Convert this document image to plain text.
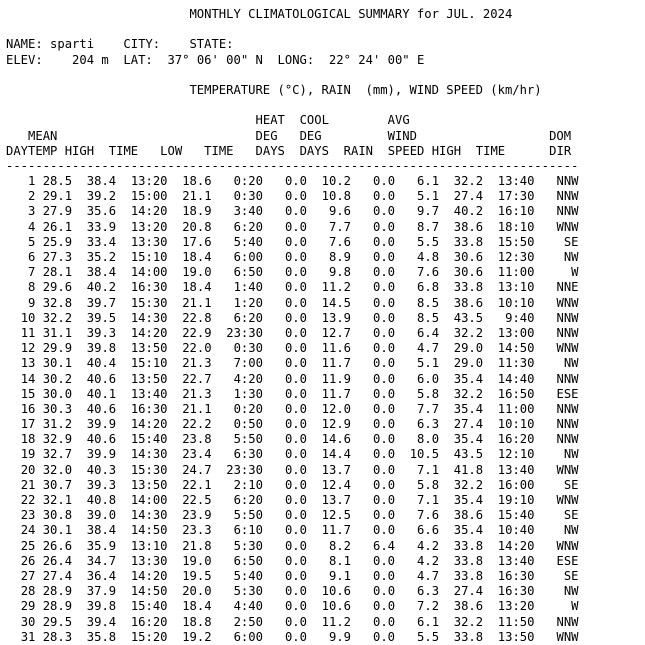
MONTHLY CLIMATOLOGICAL SUMMARY for JUL. 2024

NAME: sparti CITY: STATE:
ELEV: 204 m LAT: 37° 06' 00" N LONG: 22° 24' 00" E

TEMPERATURE (°C), RAIN  (mm), WIND SPEED (km/hr)

HEAT COOL	AVG
MEAN	DEG DEG	WIND	DOM
DAYTEMP HIGH TIME LOW TIME DAYS DAYS RAIN SPEED HIGH TIME	DIR
------------------------------------------------------------------------------
1 28.5 38.4 13:20 18.6 0:20 0.0 10.2 0.0 6.1 32.2 13:40 NNW
2 29.1 39.2 15:00 21.1 0:30 0.0 10.8 0.0 5.1 27.4 17:30 NNW
3 27.9 35.6 14:20 18.9 3:40 0.0 9.6 0.0 9.7 40.2 16:10 NNW
4 26.1 33.9 13:20 20.8 6:20 0.0 7.7 0.0 8.7 38.6 18:10 WNW
5 25.9 33.4 13:30 17.6 5:40 0.0 7.6 0.0 5.5 33.8 15:50 SE
6 27.3 35.2 15:10 18.4 6:00 0.0 8.9 0.0 4.8 30.6 12:30 NW
7 28.1 38.4 14:00 19.0 6:50 0.0 9.8 0.0 7.6 30.6 11:00	W
8 29.6 40.2 16:30 18.4 1:40 0.0 11.2 0.0 6.8 33.8 13:10 NNE
9 32.8 39.7 15:30 21.1 1:20 0.0 14.5 0.0 8.5 38.6 10:10 WNW
10 32.2 39.5 14:30 22.8 6:20 0.0 13.9 0.0 8.5 43.5 9:40 NNW
11 31.1 39.3 14:20 22.9 23:30 0.0 12.7 0.0 6.4 32.2 13:00 NNW
12 29.9 39.8 13:50 22.0 0:30 0.0 11.6 0.0 4.7 29.0 14:50 WNW
13 30.1 40.4 15:10 21.3 7:00 0.0 11.7 0.0 5.1 29.0 11:30 NW
14 30.2 40.6 13:50 22.7 4:20 0.0 11.9 0.0 6.0 35.4 14:40 NNW
15 30.0 40.1 13:40 21.3 1:30 0.0 11.7 0.0 5.8 32.2 16:50 ESE
16 30.3 40.6 16:30 21.1 0:20 0.0 12.0 0.0 7.7 35.4 11:00 NNW
17 31.2 39.9 14:20 22.2 0:50 0.0 12.9 0.0 6.3 27.4 10:10 NNW
18 32.9 40.6 15:40 23.8 5:50 0.0 14.6 0.0 8.0 35.4 16:20 NNW
19 32.7 39.9 14:30 23.4 6:30 0.0 14.4 0.0 10.5 43.5 12:10 NW
20 32.0 40.3 15:30 24.7 23:30 0.0 13.7 0.0 7.1 41.8 13:40 WNW
21 30.7 39.3 13:50 22.1 2:10 0.0 12.4 0.0 5.8 32.2 16:00 SE
22 32.1 40.8 14:00 22.5 6:20 0.0 13.7 0.0 7.1 35.4 19:10 WNW
23 30.8 39.0 14:30 23.9 5:50 0.0 12.5 0.0 7.6 38.6 15:40 SE
24 30.1 38.4 14:50 23.3 6:10 0.0 11.7 0.0 6.6 35.4 10:40 NW
25 26.6 35.9 13:10 21.8 5:30 0.0 8.2 6.4 4.2 33.8 14:20 WNW
26 26.4 34.7 13:30 19.0 6:50 0.0 8.1 0.0 4.2 33.8 13:40 ESE
27 27.4 36.4 14:20 19.5 5:40 0.0 9.1 0.0 4.7 33.8 16:30 SE
28 28.9 37.9 14:50 20.0 5:30 0.0 10.6 0.0 6.3 27.4 16:30 NW
29 28.9 39.8 15:40 18.4 4:40 0.0 10.6 0.0 7.2 38.6 13:20	W
30 29.5 39.4 16:20 18.8 2:50 0.0 11.2 0.0 6.1 32.2 11:50 NNW
31 28.3 35.8 15:20 19.2 6:00 0.0 9.9 0.0 5.5 33.8 13:50 WNW
